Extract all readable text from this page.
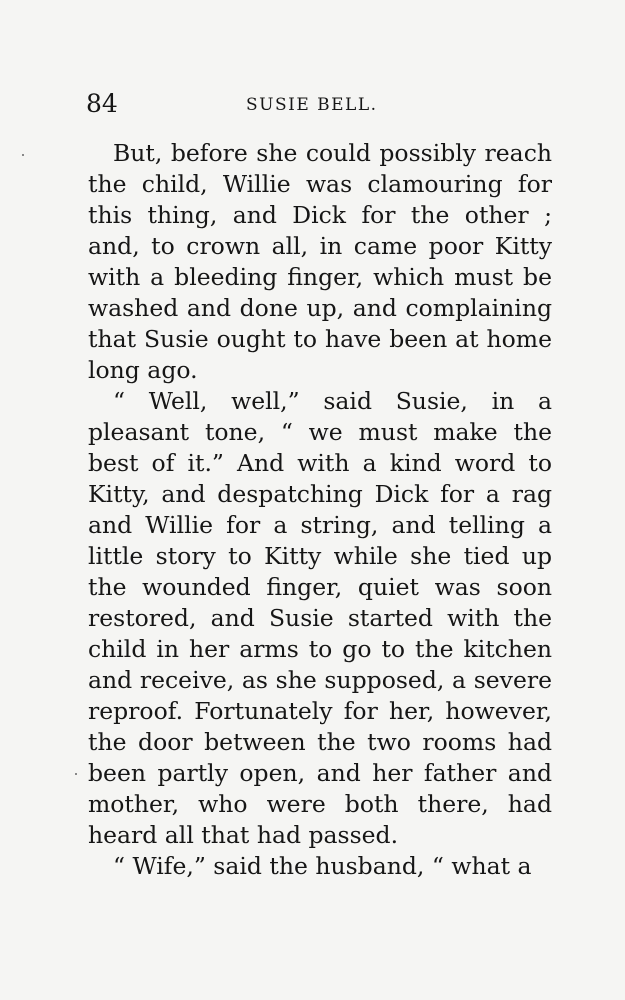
84	SUSIE BELL.

But, before she could possibly reach the child, Willie was clamouring for this thing, and Dick for the other ; and, to crown all, in came poor Kitty with a bleeding finger, which must be washed and done up, and complaining that Susie ought to have been at home long ago.

“ Well, well,” said Susie, in a pleasant tone, “ we must make the best of it.” And with a kind word to Kitty, and despatching Dick for a rag and Willie for a string, and telling a little story to Kitty while she tied up the wounded finger, quiet was soon restored, and Susie started with the child in her arms to go to the kitchen and receive, as she supposed, a severe reproof. Fortunately for her, however, the door between the two rooms had been partly open, and her father and mother, who were both there, had heard all that had passed.

“ Wife,” said the husband, “ what a
